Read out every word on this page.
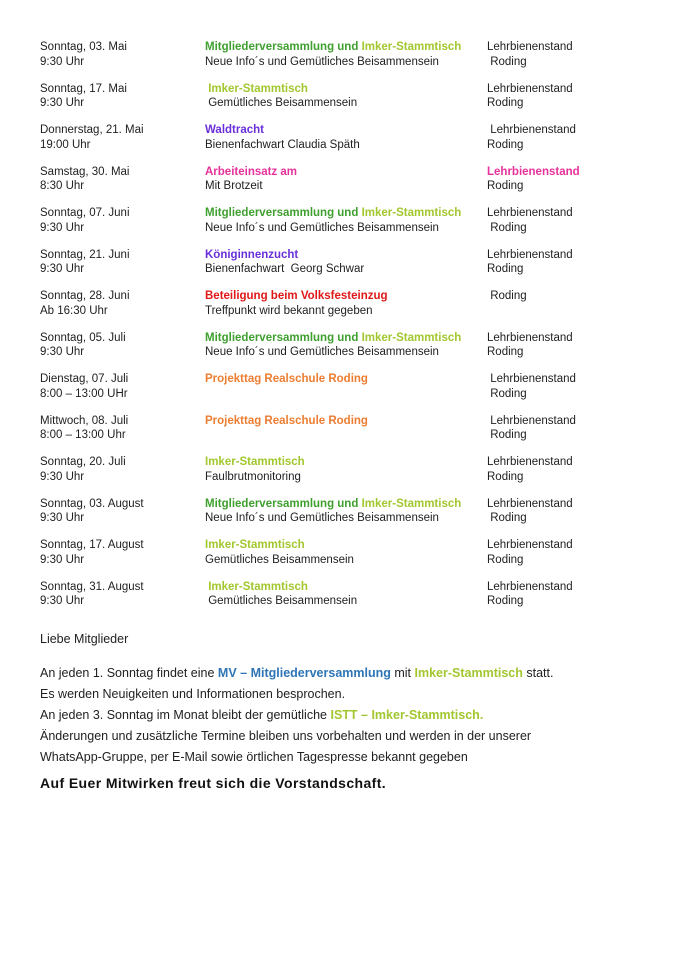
Sonntag, 03. Mai
9:30 Uhr
Mitgliederversammlung und Imker-Stammtisch
Neue Info´s und Gemütliches Beisammensein
Lehrbienenstand
Roding
Sonntag, 17. Mai
9:30 Uhr
Imker-Stammtisch
Gemütliches Beisammensein
Lehrbienenstand
Roding
Donnerstag, 21. Mai
19:00 Uhr
Waldtracht
Bienenfachwart Claudia Späth
Lehrbienenstand
Roding
Samstag, 30. Mai
8:30 Uhr
Arbeiteinsatz am
Mit Brotzeit
Lehrbienenstand
Roding
Sonntag, 07. Juni
9:30 Uhr
Mitgliederversammlung und Imker-Stammtisch
Neue Info´s und Gemütliches Beisammensein
Lehrbienenstand
Roding
Sonntag, 21. Juni
9:30 Uhr
Königinnenzucht
Bienenfachwart  Georg Schwar
Lehrbienenstand
Roding
Sonntag, 28. Juni
Ab 16:30 Uhr
Beteiligung beim Volksfesteinzug
Treffpunkt wird bekannt gegeben
Roding
Sonntag, 05. Juli
9:30 Uhr
Mitgliederversammlung und Imker-Stammtisch
Neue Info´s und Gemütliches Beisammensein
Lehrbienenstand
Roding
Dienstag, 07. Juli
8:00 – 13:00 UHr
Projekttag Realschule Roding	Lehrbienenstand
Roding
Mittwoch, 08. Juli
8:00 – 13:00 Uhr
Projekttag Realschule Roding	Lehrbienenstand
Roding
Sonntag, 20. Juli
9:30 Uhr
Imker-Stammtisch
Faulbrutmonitoring
Lehrbienenstand
Roding
Sonntag, 03. August
9:30 Uhr
Mitgliederversammlung und Imker-Stammtisch
Neue Info´s und Gemütliches Beisammensein
Lehrbienenstand
Roding
Sonntag, 17. August
9:30 Uhr
Imker-Stammtisch
Gemütliches Beisammensein
Lehrbienenstand
Roding
Sonntag, 31. August
9:30 Uhr
Imker-Stammtisch
Gemütliches Beisammensein
Lehrbienenstand
Roding
Liebe Mitglieder
An jeden 1. Sonntag findet eine MV – Mitgliederversammlung mit Imker-Stammtisch statt.
Es werden Neuigkeiten und Informationen besprochen.
An jeden 3. Sonntag im Monat bleibt der gemütliche ISTT – Imker-Stammtisch.
Änderungen und zusätzliche Termine bleiben uns vorbehalten und werden in der unserer
WhatsApp-Gruppe, per E-Mail sowie örtlichen Tagespresse bekannt gegeben
Auf Euer Mitwirken freut sich die Vorstandschaft.
